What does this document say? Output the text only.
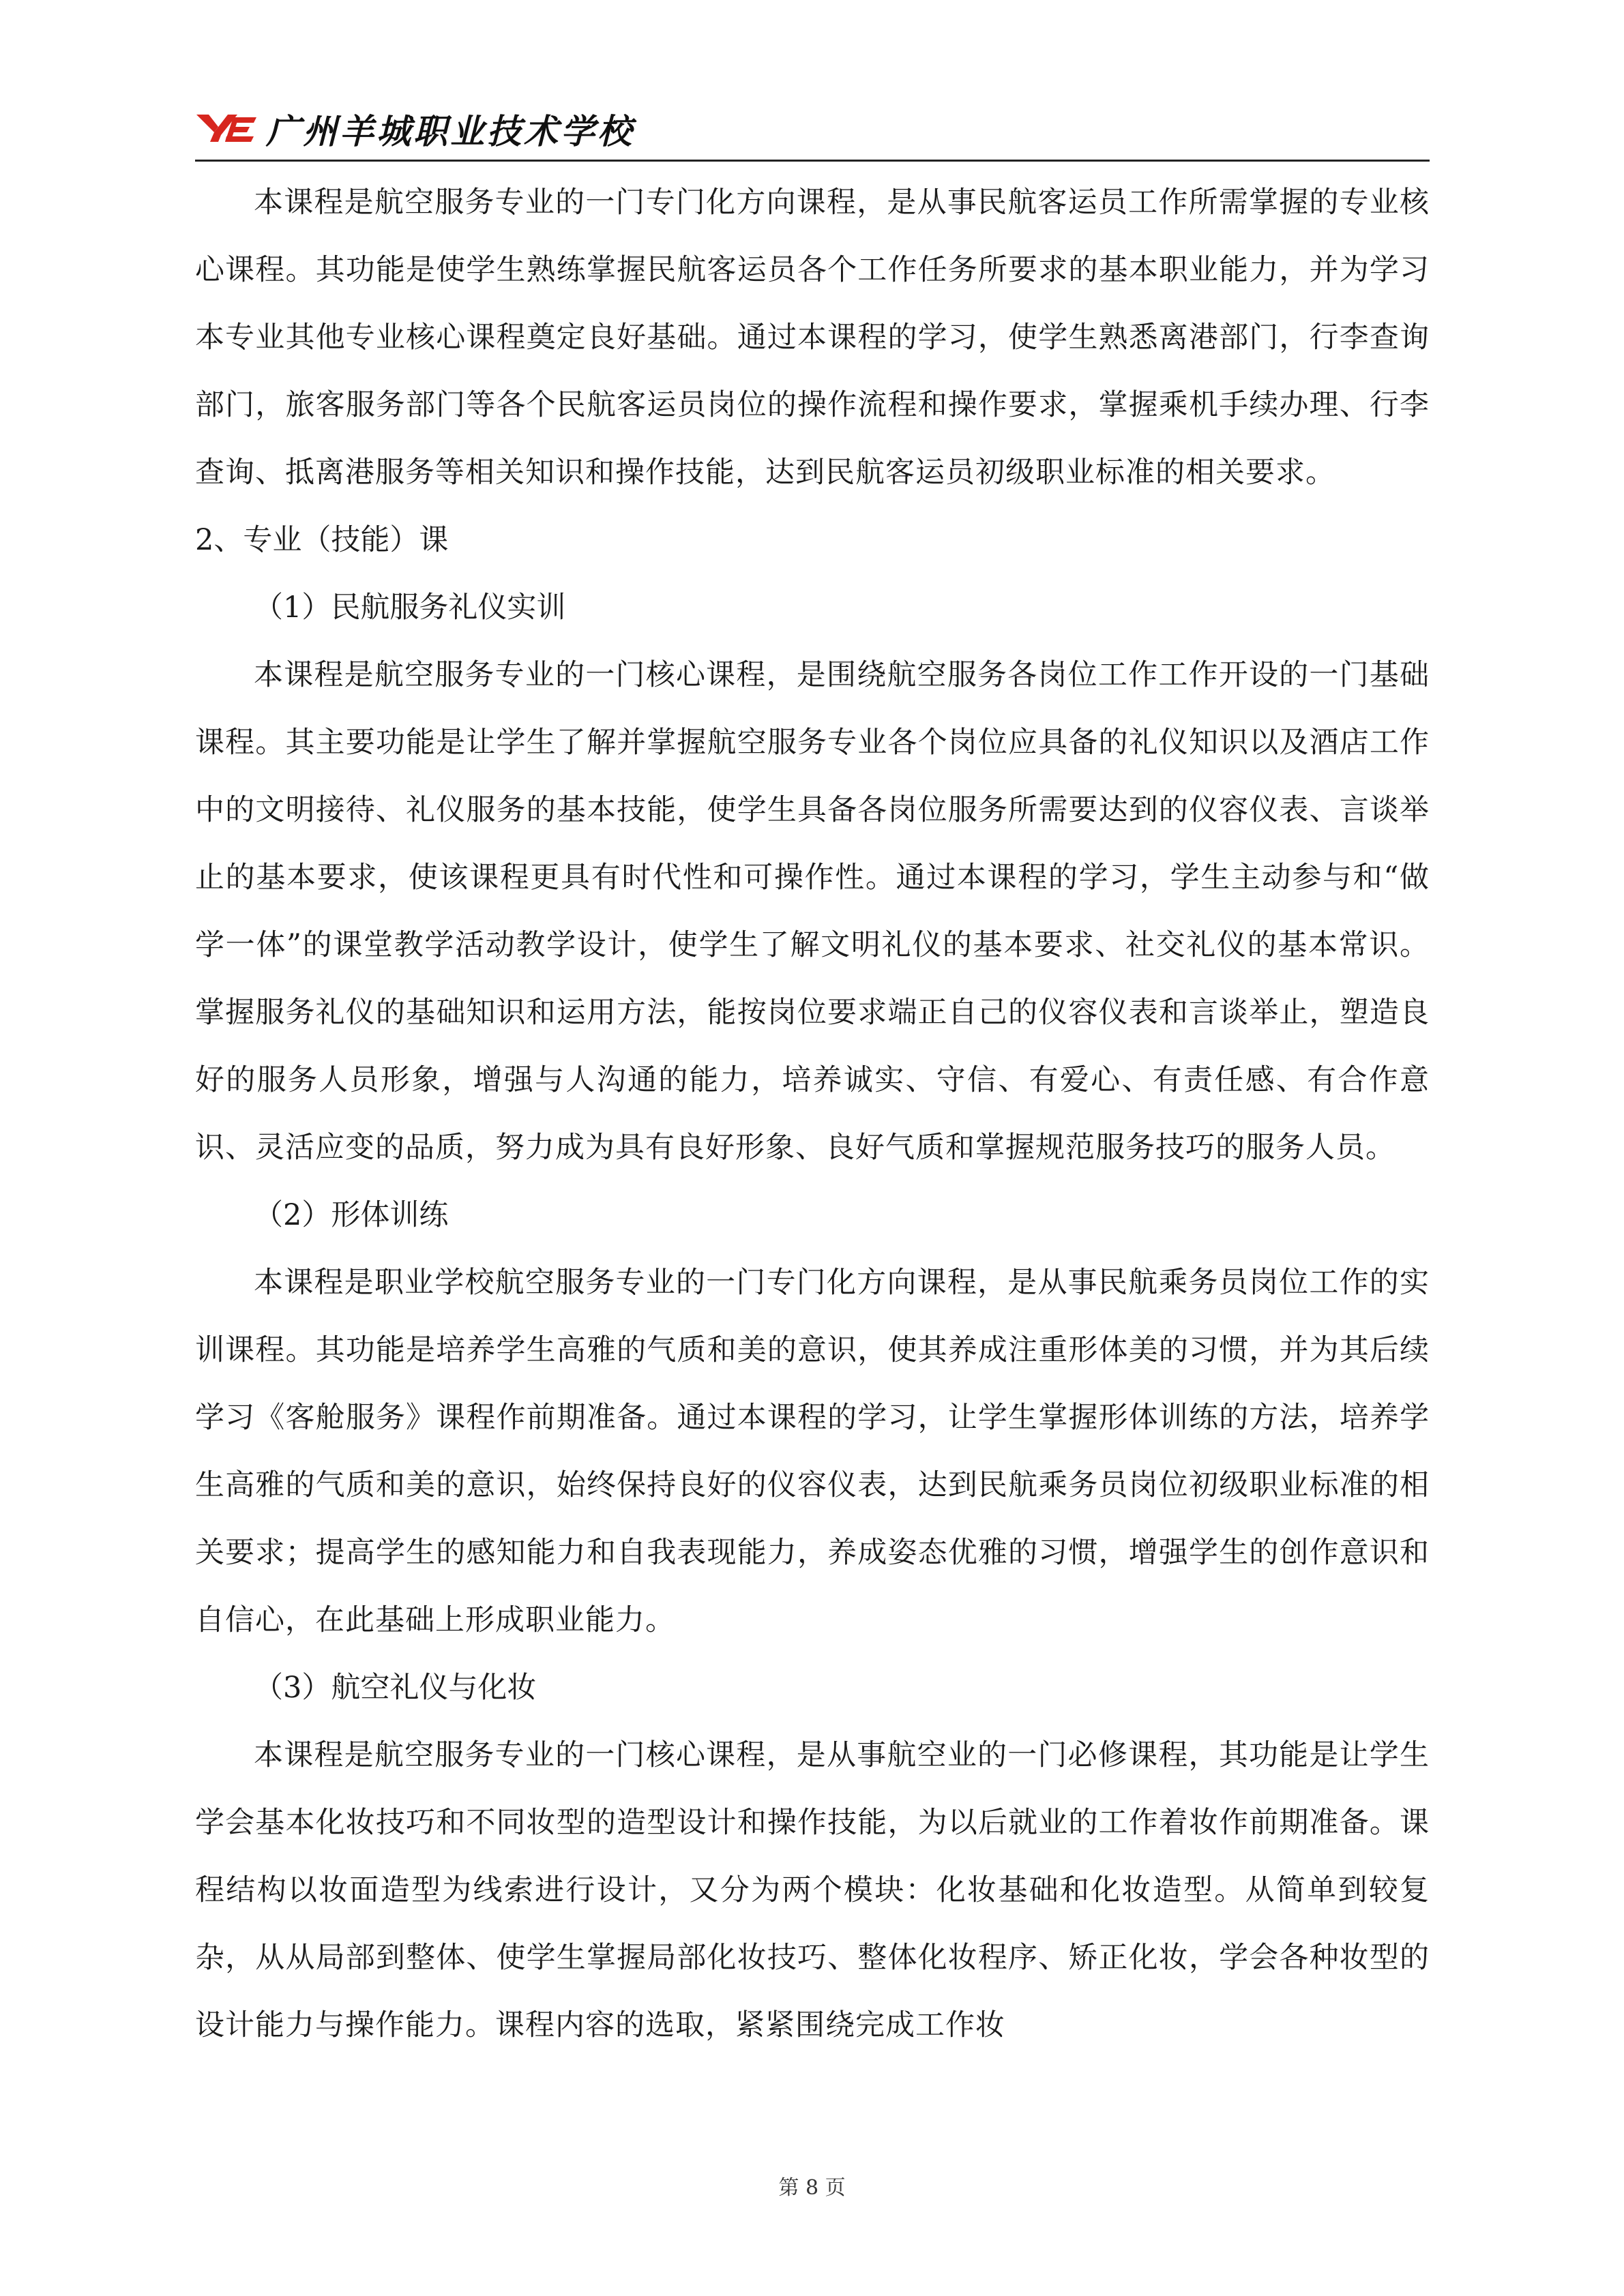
广州羊城职业技术学校

本课程是航空服务专业的一门专门化方向课程，是从事民航客运员工作所需掌握的专业核心课程。其功能是使学生熟练掌握民航客运员各个工作任务所要求的基本职业能力，并为学习本专业其他专业核心课程奠定良好基础。通过本课程的学习，使学生熟悉离港部门，行李查询部门，旅客服务部门等各个民航客运员岗位的操作流程和操作要求，掌握乘机手续办理、行李查询、抵离港服务等相关知识和操作技能，达到民航客运员初级职业标准的相关要求。

2、专业（技能）课

（1）民航服务礼仪实训

本课程是航空服务专业的一门核心课程，是围绕航空服务各岗位工作工作开设的一门基础课程。其主要功能是让学生了解并掌握航空服务专业各个岗位应具备的礼仪知识以及酒店工作中的文明接待、礼仪服务的基本技能，使学生具备各岗位服务所需要达到的仪容仪表、言谈举止的基本要求，使该课程更具有时代性和可操作性。通过本课程的学习，学生主动参与和“做学一体”的课堂教学活动教学设计，使学生了解文明礼仪的基本要求、社交礼仪的基本常识。掌握服务礼仪的基础知识和运用方法，能按岗位要求端正自己的仪容仪表和言谈举止，塑造良好的服务人员形象，增强与人沟通的能力，培养诚实、守信、有爱心、有责任感、有合作意识、灵活应变的品质，努力成为具有良好形象、良好气质和掌握规范服务技巧的服务人员。

（2）形体训练

本课程是职业学校航空服务专业的一门专门化方向课程，是从事民航乘务员岗位工作的实训课程。其功能是培养学生高雅的气质和美的意识，使其养成注重形体美的习惯，并为其后续学习《客舱服务》课程作前期准备。通过本课程的学习，让学生掌握形体训练的方法，培养学生高雅的气质和美的意识，始终保持良好的仪容仪表，达到民航乘务员岗位初级职业标准的相关要求；提高学生的感知能力和自我表现能力，养成姿态优雅的习惯，增强学生的创作意识和自信心，在此基础上形成职业能力。

（3）航空礼仪与化妆

本课程是航空服务专业的一门核心课程，是从事航空业的一门必修课程，其功能是让学生学会基本化妆技巧和不同妆型的造型设计和操作技能，为以后就业的工作着妆作前期准备。课程结构以妆面造型为线索进行设计，又分为两个模块：化妆基础和化妆造型。从简单到较复杂，从从局部到整体、使学生掌握局部化妆技巧、整体化妆程序、矫正化妆，学会各种妆型的设计能力与操作能力。课程内容的选取，紧紧围绕完成工作妆

第 8 页
